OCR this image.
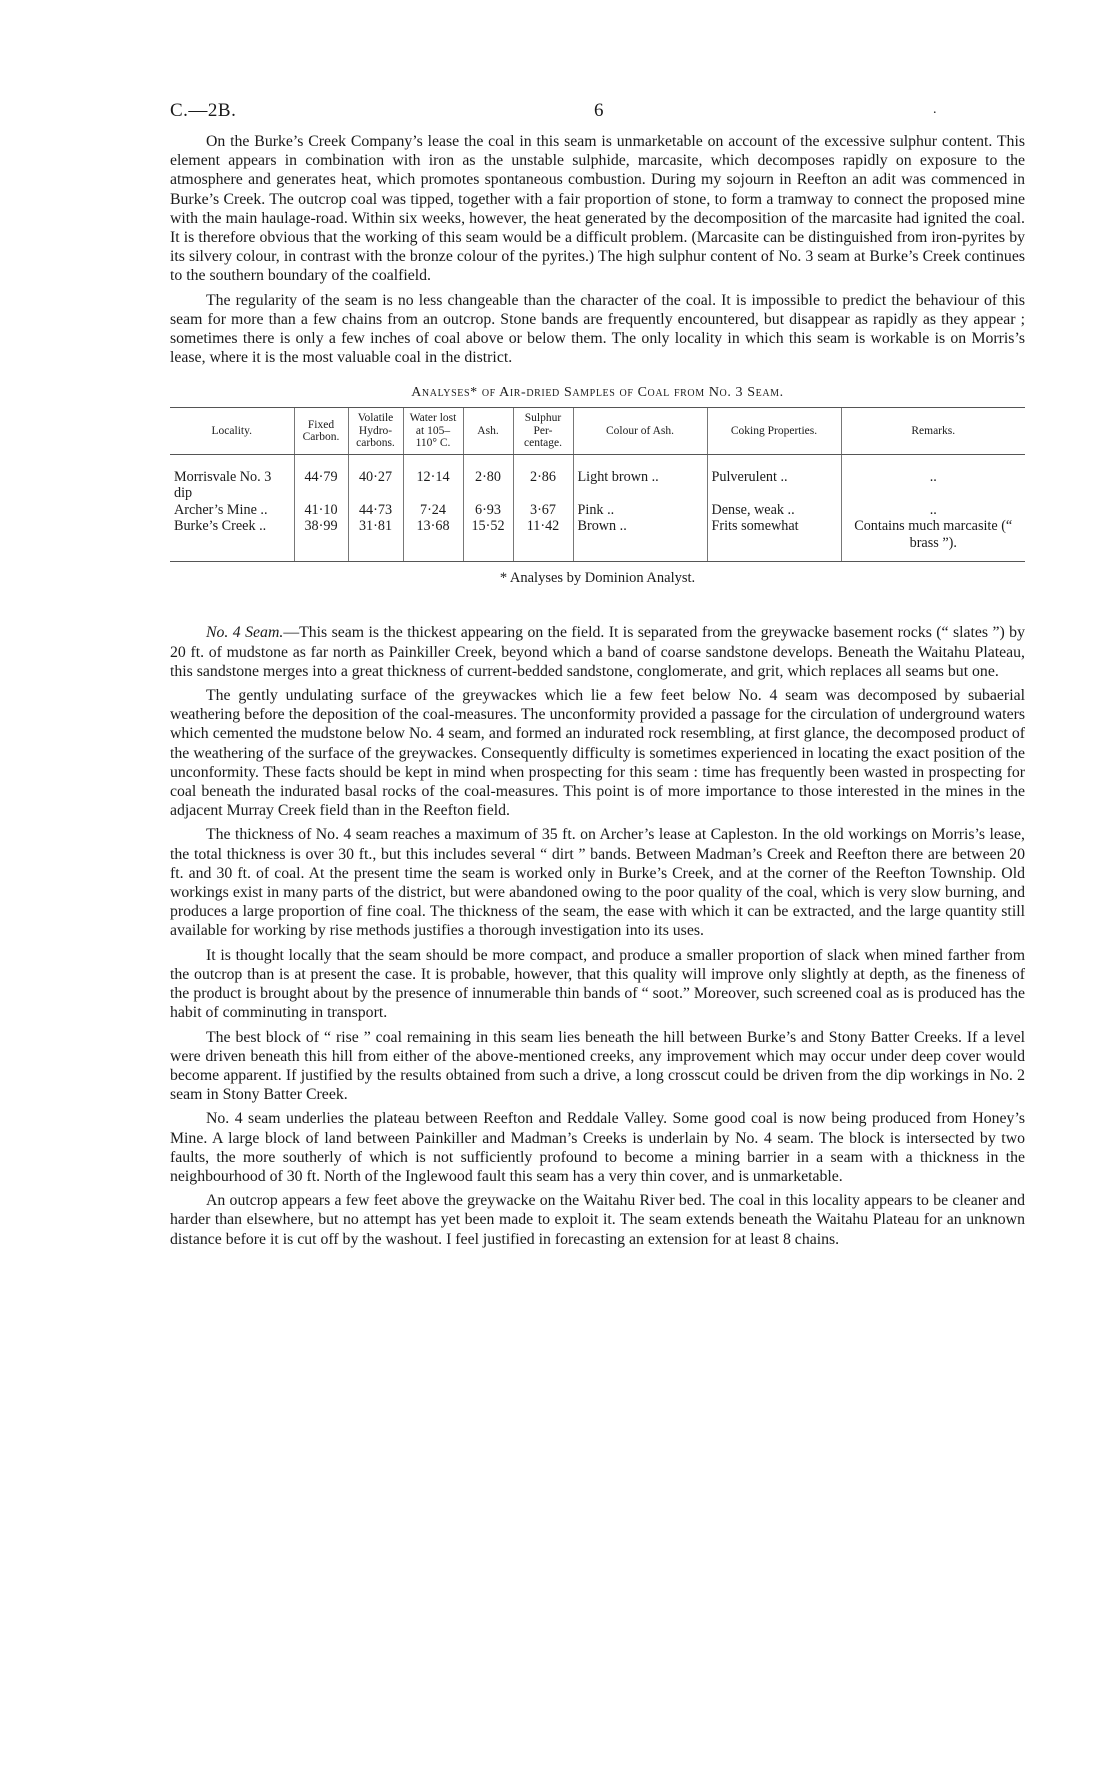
C.—2B.	6	.

On the Burke’s Creek Company’s lease the coal in this seam is unmarketable on account of the excessive sulphur content. This element appears in combination with iron as the unstable sulphide, marcasite, which decomposes rapidly on exposure to the atmosphere and generates heat, which promotes spontaneous combustion. During my sojourn in Reefton an adit was commenced in Burke’s Creek. The outcrop coal was tipped, together with a fair proportion of stone, to form a tramway to connect the proposed mine with the main haulage-road. Within six weeks, however, the heat generated by the decomposition of the marcasite had ignited the coal. It is therefore obvious that the working of this seam would be a difficult problem. (Marcasite can be distinguished from iron-pyrites by its silvery colour, in contrast with the bronze colour of the pyrites.) The high sulphur content of No. 3 seam at Burke’s Creek continues to the southern boundary of the coalfield.

The regularity of the seam is no less changeable than the character of the coal. It is impossible to predict the behaviour of this seam for more than a few chains from an outcrop. Stone bands are frequently encountered, but disappear as rapidly as they appear ; sometimes there is only a few inches of coal above or below them. The only locality in which this seam is workable is on Morris’s lease, where it is the most valuable coal in the district.

Analyses* of Air-dried Samples of Coal from No. 3 Seam.
Locality.	Fixed Carbon.	Volatile Hydro-carbons.	Water lost at 105–110° C.	Ash.	Sulphur Per-centage.	Colour of Ash.	Coking Properties.	Remarks.
Morrisvale No. 3 dip	44·79	40·27	12·14	2·80	2·86	Light brown ..	Pulverulent ..	..
Archer’s Mine ..	41·10	44·73	7·24	6·93	3·67	Pink ..	Dense, weak ..	..
Burke’s Creek ..	38·99	31·81	13·68	15·52	11·42	Brown ..	Frits somewhat	Contains much marcasite (“ brass ”).
* Analyses by Dominion Analyst.

No. 4 Seam.—This seam is the thickest appearing on the field. It is separated from the greywacke basement rocks (“ slates ”) by 20 ft. of mudstone as far north as Painkiller Creek, beyond which a band of coarse sandstone develops. Beneath the Waitahu Plateau, this sandstone merges into a great thickness of current-bedded sandstone, conglomerate, and grit, which replaces all seams but one.

The gently undulating surface of the greywackes which lie a few feet below No. 4 seam was decomposed by subaerial weathering before the deposition of the coal-measures. The unconformity provided a passage for the circulation of underground waters which cemented the mudstone below No. 4 seam, and formed an indurated rock resembling, at first glance, the decomposed product of the weathering of the surface of the greywackes. Consequently difficulty is sometimes experienced in locating the exact position of the unconformity. These facts should be kept in mind when prospecting for this seam : time has frequently been wasted in prospecting for coal beneath the indurated basal rocks of the coal-measures. This point is of more importance to those interested in the mines in the adjacent Murray Creek field than in the Reefton field.

The thickness of No. 4 seam reaches a maximum of 35 ft. on Archer’s lease at Capleston. In the old workings on Morris’s lease, the total thickness is over 30 ft., but this includes several “ dirt ” bands. Between Madman’s Creek and Reefton there are between 20 ft. and 30 ft. of coal. At the present time the seam is worked only in Burke’s Creek, and at the corner of the Reefton Township. Old workings exist in many parts of the district, but were abandoned owing to the poor quality of the coal, which is very slow burning, and produces a large proportion of fine coal. The thickness of the seam, the ease with which it can be extracted, and the large quantity still available for working by rise methods justifies a thorough investigation into its uses.

It is thought locally that the seam should be more compact, and produce a smaller proportion of slack when mined farther from the outcrop than is at present the case. It is probable, however, that this quality will improve only slightly at depth, as the fineness of the product is brought about by the presence of innumerable thin bands of “ soot.” Moreover, such screened coal as is produced has the habit of comminuting in transport.

The best block of “ rise ” coal remaining in this seam lies beneath the hill between Burke’s and Stony Batter Creeks. If a level were driven beneath this hill from either of the above-mentioned creeks, any improvement which may occur under deep cover would become apparent. If justified by the results obtained from such a drive, a long crosscut could be driven from the dip workings in No. 2 seam in Stony Batter Creek.

No. 4 seam underlies the plateau between Reefton and Reddale Valley. Some good coal is now being produced from Honey’s Mine. A large block of land between Painkiller and Madman’s Creeks is underlain by No. 4 seam. The block is intersected by two faults, the more southerly of which is not sufficiently profound to become a mining barrier in a seam with a thickness in the neighbourhood of 30 ft. North of the Inglewood fault this seam has a very thin cover, and is unmarketable.

An outcrop appears a few feet above the greywacke on the Waitahu River bed. The coal in this locality appears to be cleaner and harder than elsewhere, but no attempt has yet been made to exploit it. The seam extends beneath the Waitahu Plateau for an unknown distance before it is cut off by the washout. I feel justified in forecasting an extension for at least 8 chains.
